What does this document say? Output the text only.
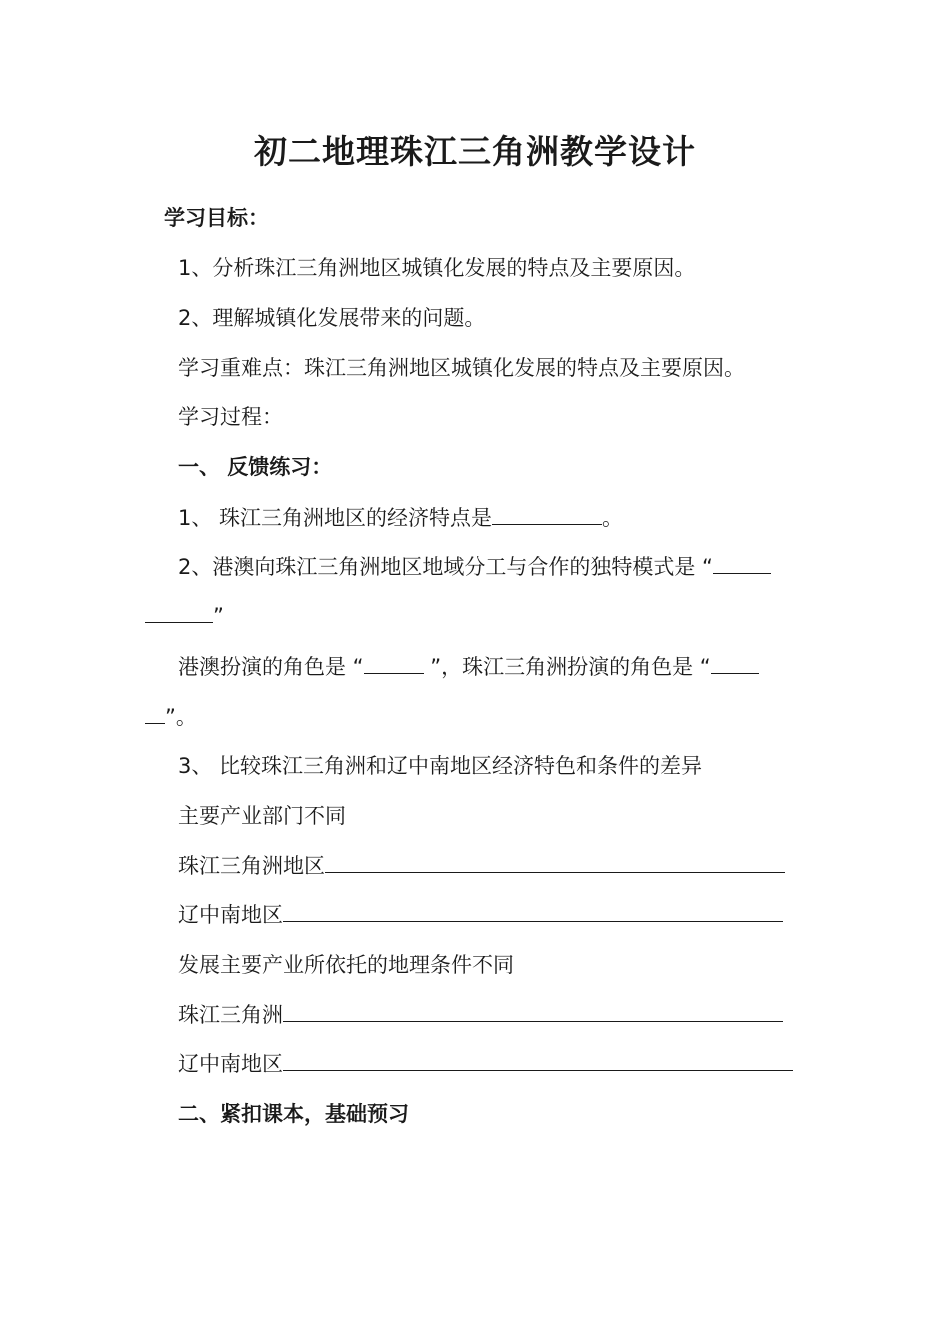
初二地理珠江三角洲教学设计
学习目标：
1、分析珠江三角洲地区城镇化发展的特点及主要原因。
2、理解城镇化发展带来的问题。
学习重难点：珠江三角洲地区城镇化发展的特点及主要原因。
学习过程：
一、 反馈练习：
1、 珠江三角洲地区的经济特点是	。
2、港澳向珠江三角洲地区地域分工与合作的独特模式是 “
”
港澳扮演的角色是 “	”，珠江三角洲扮演的角色是 “
”。
3、 比较珠江三角洲和辽中南地区经济特色和条件的差异
主要产业部门不同
珠江三角洲地区
辽中南地区
发展主要产业所依托的地理条件不同
珠江三角洲
辽中南地区
二、紧扣课本，基础预习
